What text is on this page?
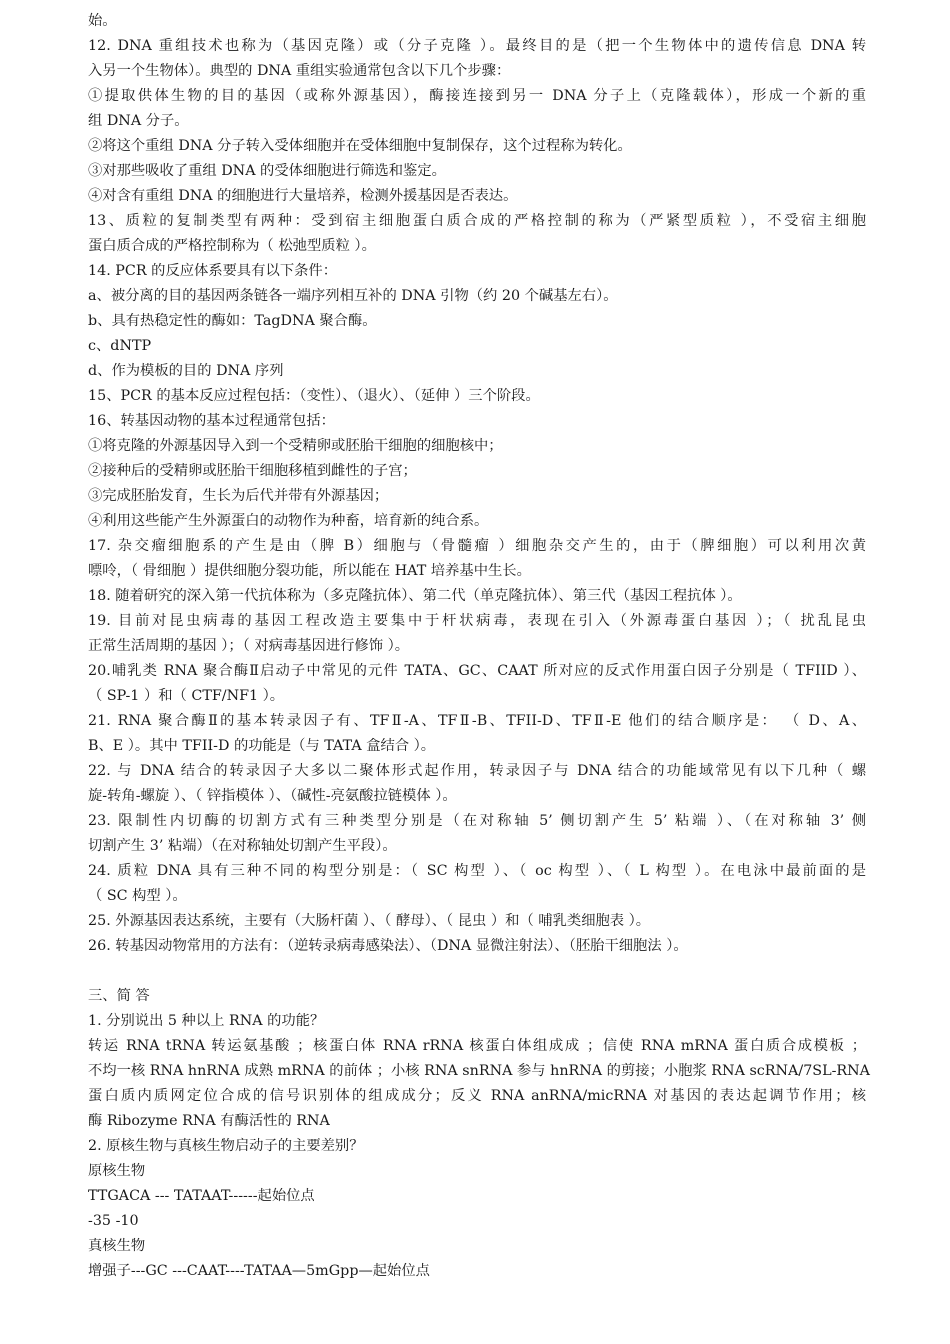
始。
12. DNA 重组技术也称为（基因克隆）或（分子克隆 ）。最终目的是（把一个生物体中的遗传信息 DNA 转
入另一个生物体）。典型的 DNA 重组实验通常包含以下几个步骤：
①提取供体生物的目的基因（或称外源基因），酶接连接到另一 DNA 分子上（克隆载体），形成一个新的重
组 DNA 分子。
②将这个重组 DNA 分子转入受体细胞并在受体细胞中复制保存，这个过程称为转化。
③对那些吸收了重组 DNA 的受体细胞进行筛选和鉴定。
④对含有重组 DNA 的细胞进行大量培养，检测外援基因是否表达。
13、质粒的复制类型有两种：受到宿主细胞蛋白质合成的严格控制的称为（严紧型质粒 ），不受宿主细胞
蛋白质合成的严格控制称为（ 松弛型质粒 ）。
14. PCR 的反应体系要具有以下条件：
a、被分离的目的基因两条链各一端序列相互补的 DNA 引物（约 20 个碱基左右）。
b、具有热稳定性的酶如：TagDNA 聚合酶。
c、dNTP
d、作为模板的目的 DNA 序列
15、PCR 的基本反应过程包括：（变性）、（退火）、（延伸 ）三个阶段。
16、转基因动物的基本过程通常包括：
①将克隆的外源基因导入到一个受精卵或胚胎干细胞的细胞核中；
②接种后的受精卵或胚胎干细胞移植到雌性的子宫；
③完成胚胎发育，生长为后代并带有外源基因；
④利用这些能产生外源蛋白的动物作为种畜，培育新的纯合系。
17. 杂交瘤细胞系的产生是由（脾 B）细胞与（骨髓瘤 ）细胞杂交产生的，由于（脾细胞）可以利用次黄
嘌呤，（ 骨细胞 ）提供细胞分裂功能，所以能在 HAT 培养基中生长。
18. 随着研究的深入第一代抗体称为（多克隆抗体）、第二代（单克隆抗体）、第三代（基因工程抗体 ）。
19. 目前对昆虫病毒的基因工程改造主要集中于杆状病毒，表现在引入（外源毒蛋白基因 ）；（ 扰乱昆虫
正常生活周期的基因 ）；（ 对病毒基因进行修饰 ）。
20.哺乳类 RNA 聚合酶Ⅱ启动子中常见的元件 TATA、GC、CAAT 所对应的反式作用蛋白因子分别是（ TFIID ）、
（ SP-1 ）和（ CTF/NF1 ）。
21. RNA 聚合酶Ⅱ的基本转录因子有、TFⅡ-A、TFⅡ-B、TFII-D、TFⅡ-E 他们的结合顺序是： （ D、A、
B、E ）。其中 TFII-D 的功能是（与 TATA 盒结合 ）。
22. 与 DNA 结合的转录因子大多以二聚体形式起作用，转录因子与 DNA 结合的功能域常见有以下几种（ 螺
旋-转角-螺旋 ）、（ 锌指模体 ）、（碱性-亮氨酸拉链模体 ）。
23. 限制性内切酶的切割方式有三种类型分别是（在对称轴 5’ 侧切割产生 5’ 粘端 ）、（在对称轴 3’ 侧
切割产生 3’ 粘端）（在对称轴处切割产生平段）。
24. 质粒 DNA 具有三种不同的构型分别是：（ SC 构型 ）、（ oc 构型 ）、（ L 构型 ）。在电泳中最前面的是
（ SC 构型 ）。
25. 外源基因表达系统，主要有（大肠杆菌 ）、（ 酵母）、（ 昆虫 ）和（ 哺乳类细胞表 ）。
26. 转基因动物常用的方法有：（逆转录病毒感染法）、（DNA 显微注射法）、（胚胎干细胞法 ）。
三、简 答
1. 分别说出 5 种以上 RNA 的功能？
转运 RNA tRNA 转运氨基酸 ；核蛋白体 RNA rRNA 核蛋白体组成成 ；信使 RNA mRNA 蛋白质合成模板 ；
不均一核 RNA hnRNA 成熟 mRNA 的前体 ；小核 RNA snRNA 参与 hnRNA 的剪接；小胞浆 RNA scRNA/7SL-RNA
蛋白质内质网定位合成的信号识别体的组成成分；反义 RNA anRNA/micRNA 对基因的表达起调节作用；核
酶 Ribozyme RNA 有酶活性的 RNA
2. 原核生物与真核生物启动子的主要差别？
原核生物
TTGACA --- TATAAT------起始位点
-35 -10
真核生物
增强子---GC ---CAAT----TATAA—5mGpp—起始位点
